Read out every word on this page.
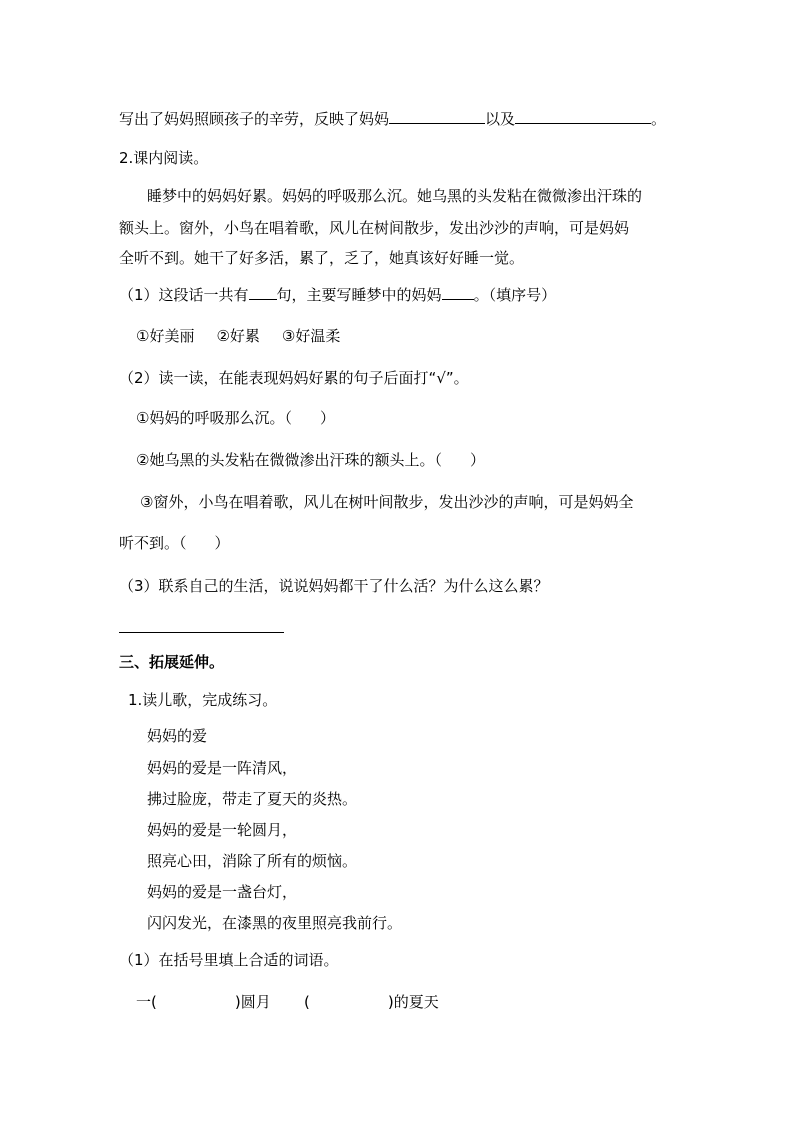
写出了妈妈照顾孩子的辛劳，反映了妈妈	以及	。
2.课内阅读。
睡梦中的妈妈好累。妈妈的呼吸那么沉。她乌黑的头发粘在微微渗出汗珠的
额头上。窗外，小鸟在唱着歌，风儿在树间散步，发出沙沙的声响，可是妈妈
全听不到。她干了好多活，累了，乏了，她真该好好睡一觉。
（1）这段话一共有 句，主要写睡梦中的妈妈 。（填序号）
①好美丽 ②好累 ③好温柔
（2）读一读，在能表现妈妈好累的句子后面打“√”。
①妈妈的呼吸那么沉。（ ）
②她乌黑的头发粘在微微渗出汗珠的额头上。（ ）
③窗外，小鸟在唱着歌，风儿在树叶间散步，发出沙沙的声响，可是妈妈全
听不到。（ ）
（3）联系自己的生活，说说妈妈都干了什么活？为什么这么累？
三、拓展延伸。
1.读儿歌，完成练习。
妈妈的爱
妈妈的爱是一阵清风，
拂过脸庞，带走了夏天的炎热。
妈妈的爱是一轮圆月，
照亮心田，消除了所有的烦恼。
妈妈的爱是一盏台灯，
闪闪发光，在漆黑的夜里照亮我前行。
（1）在括号里填上合适的词语。
一(	)圆月 (	)的夏天
